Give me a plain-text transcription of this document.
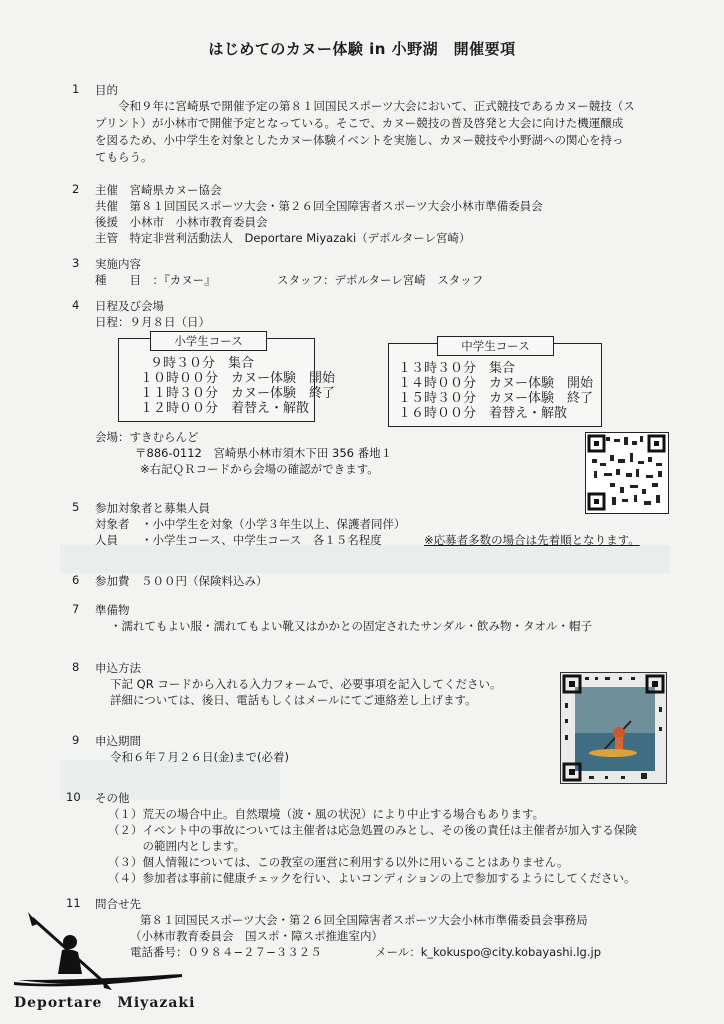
はじめてのカヌー体験 in 小野湖　開催要項
1 目的
令和９年に宮崎県で開催予定の第８１回国民スポーツ大会において、正式競技であるカヌー競技（ス
プリント）が小林市で開催予定となっている。そこで、カヌー競技の普及啓発と大会に向けた機運醸成
を図るため、小中学生を対象としたカヌー体験イベントを実施し、カヌー競技や小野湖への関心を持っ
てもらう。
2 主催　宮崎県カヌー協会
共催　第８１回国民スポーツ大会・第２６回全国障害者スポーツ大会小林市準備委員会
後援　小林市　小林市教育委員会
主管　特定非営利活動法人　Deportare Miyazaki（デポルターレ宮崎）
3 実施内容
種　　目　：『カヌー』	スタッフ：デポルターレ宮崎　スタッフ
4 日程及び会場
日程：９月８日（日）
小学生コース
９時３０分　集合
１０時００分　カヌー体験　開始
１１時３０分　カヌー体験　終了
１２時００分　着替え・解散
中学生コース
１３時３０分　集合
１４時００分　カヌー体験　開始
１５時３０分　カヌー体験　終了
１６時００分　着替え・解散
会場：すきむらんど
〒886-0112　宮崎県小林市須木下田 356 番地１
※右記ＱＲコードから会場の確認ができます。
5 参加対象者と募集人員
対象者　・小中学生を対象（小学３年生以上、保護者同伴）
人員　　・小学生コース、中学生コース　各１５名程度	※応募者多数の場合は先着順となります。
6 参加費　５００円（保険料込み）
7 準備物
・濡れてもよい服・濡れてもよい靴又はかかとの固定されたサンダル・飲み物・タオル・帽子
8 申込方法
下記 QR コードから入れる入力フォームで、必要事項を記入してください。
詳細については、後日、電話もしくはメールにてご連絡差し上げます。
9 申込期間
令和６年７月２６日(金)まで(必着)
10 その他
（１）荒天の場合中止。自然環境（波・風の状況）により中止する場合もあります。
（２）イベント中の事故については主催者は応急処置のみとし、その後の責任は主催者が加入する保険
　　　の範囲内とします。
（３）個人情報については、この教室の運営に利用する以外に用いることはありません。
（４）参加者は事前に健康チェックを行い、よいコンディションの上で参加するようにしてください。
11 問合せ先
第８１回国民スポーツ大会・第２６回全国障害者スポーツ大会小林市準備委員会事務局
（小林市教育委員会　国スポ・障スポ推進室内）
電話番号：０９８４−２７−３３２５	メール：k_kokuspo@city.kobayashi.lg.jp
Deportare　Miyazaki
